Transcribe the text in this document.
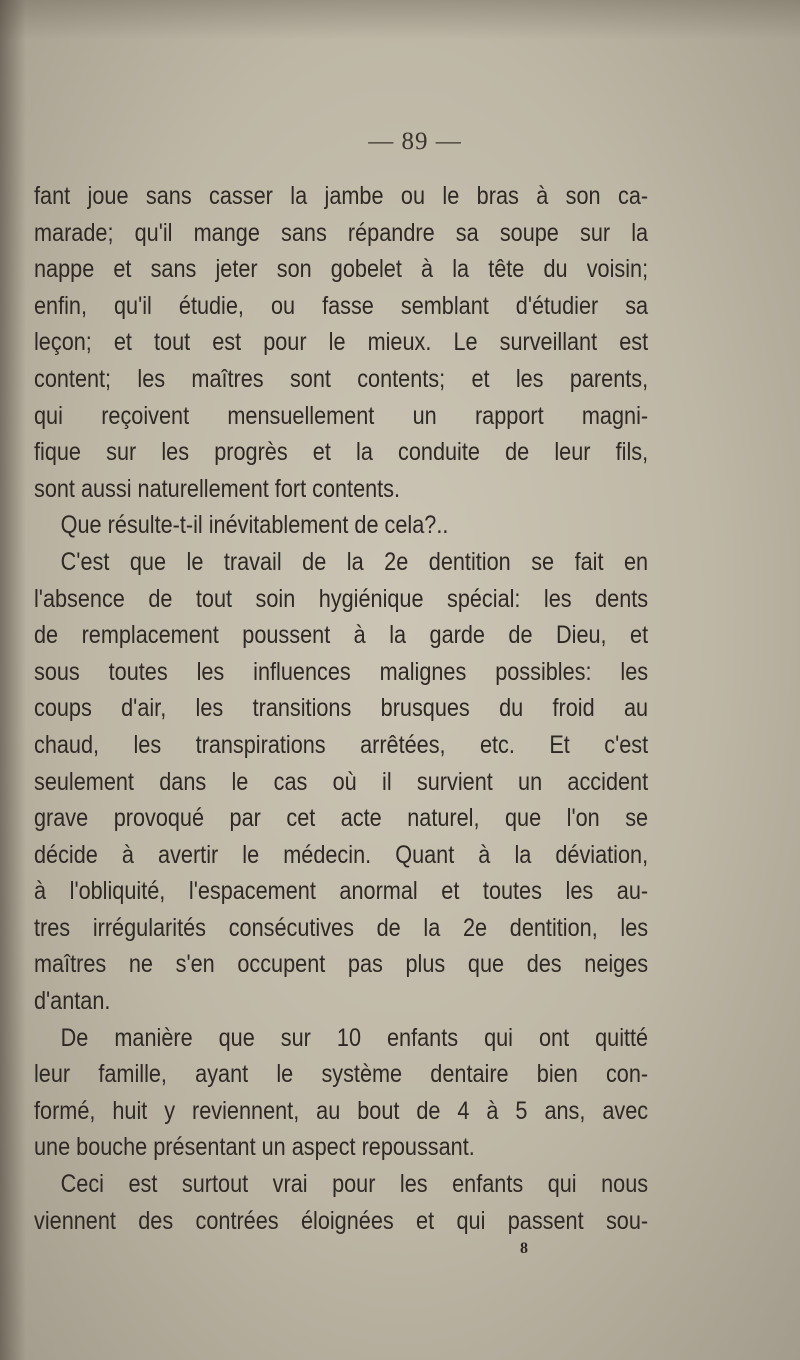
— 89 —
fant joue sans casser la jambe ou le bras à son ca-
marade; qu'il mange sans répandre sa soupe sur la
nappe et sans jeter son gobelet à la tête du voisin;
enfin, qu'il étudie, ou fasse semblant d'étudier sa
leçon; et tout est pour le mieux. Le surveillant est
content; les maîtres sont contents; et les parents,
qui reçoivent mensuellement un rapport magni-
fique sur les progrès et la conduite de leur fils,
sont aussi naturellement fort contents.
Que résulte-t-il inévitablement de cela?..
C'est que le travail de la 2e dentition se fait en
l'absence de tout soin hygiénique spécial: les dents
de remplacement poussent à la garde de Dieu, et
sous toutes les influences malignes possibles: les
coups d'air, les transitions brusques du froid au
chaud, les transpirations arrêtées, etc. Et c'est
seulement dans le cas où il survient un accident
grave provoqué par cet acte naturel, que l'on se
décide à avertir le médecin. Quant à la déviation,
à l'obliquité, l'espacement anormal et toutes les au-
tres irrégularités consécutives de la 2e dentition, les
maîtres ne s'en occupent pas plus que des neiges
d'antan.
De manière que sur 10 enfants qui ont quitté
leur famille, ayant le système dentaire bien con-
formé, huit y reviennent, au bout de 4 à 5 ans, avec
une bouche présentant un aspect repoussant.
Ceci est surtout vrai pour les enfants qui nous
viennent des contrées éloignées et qui passent sou-
8
